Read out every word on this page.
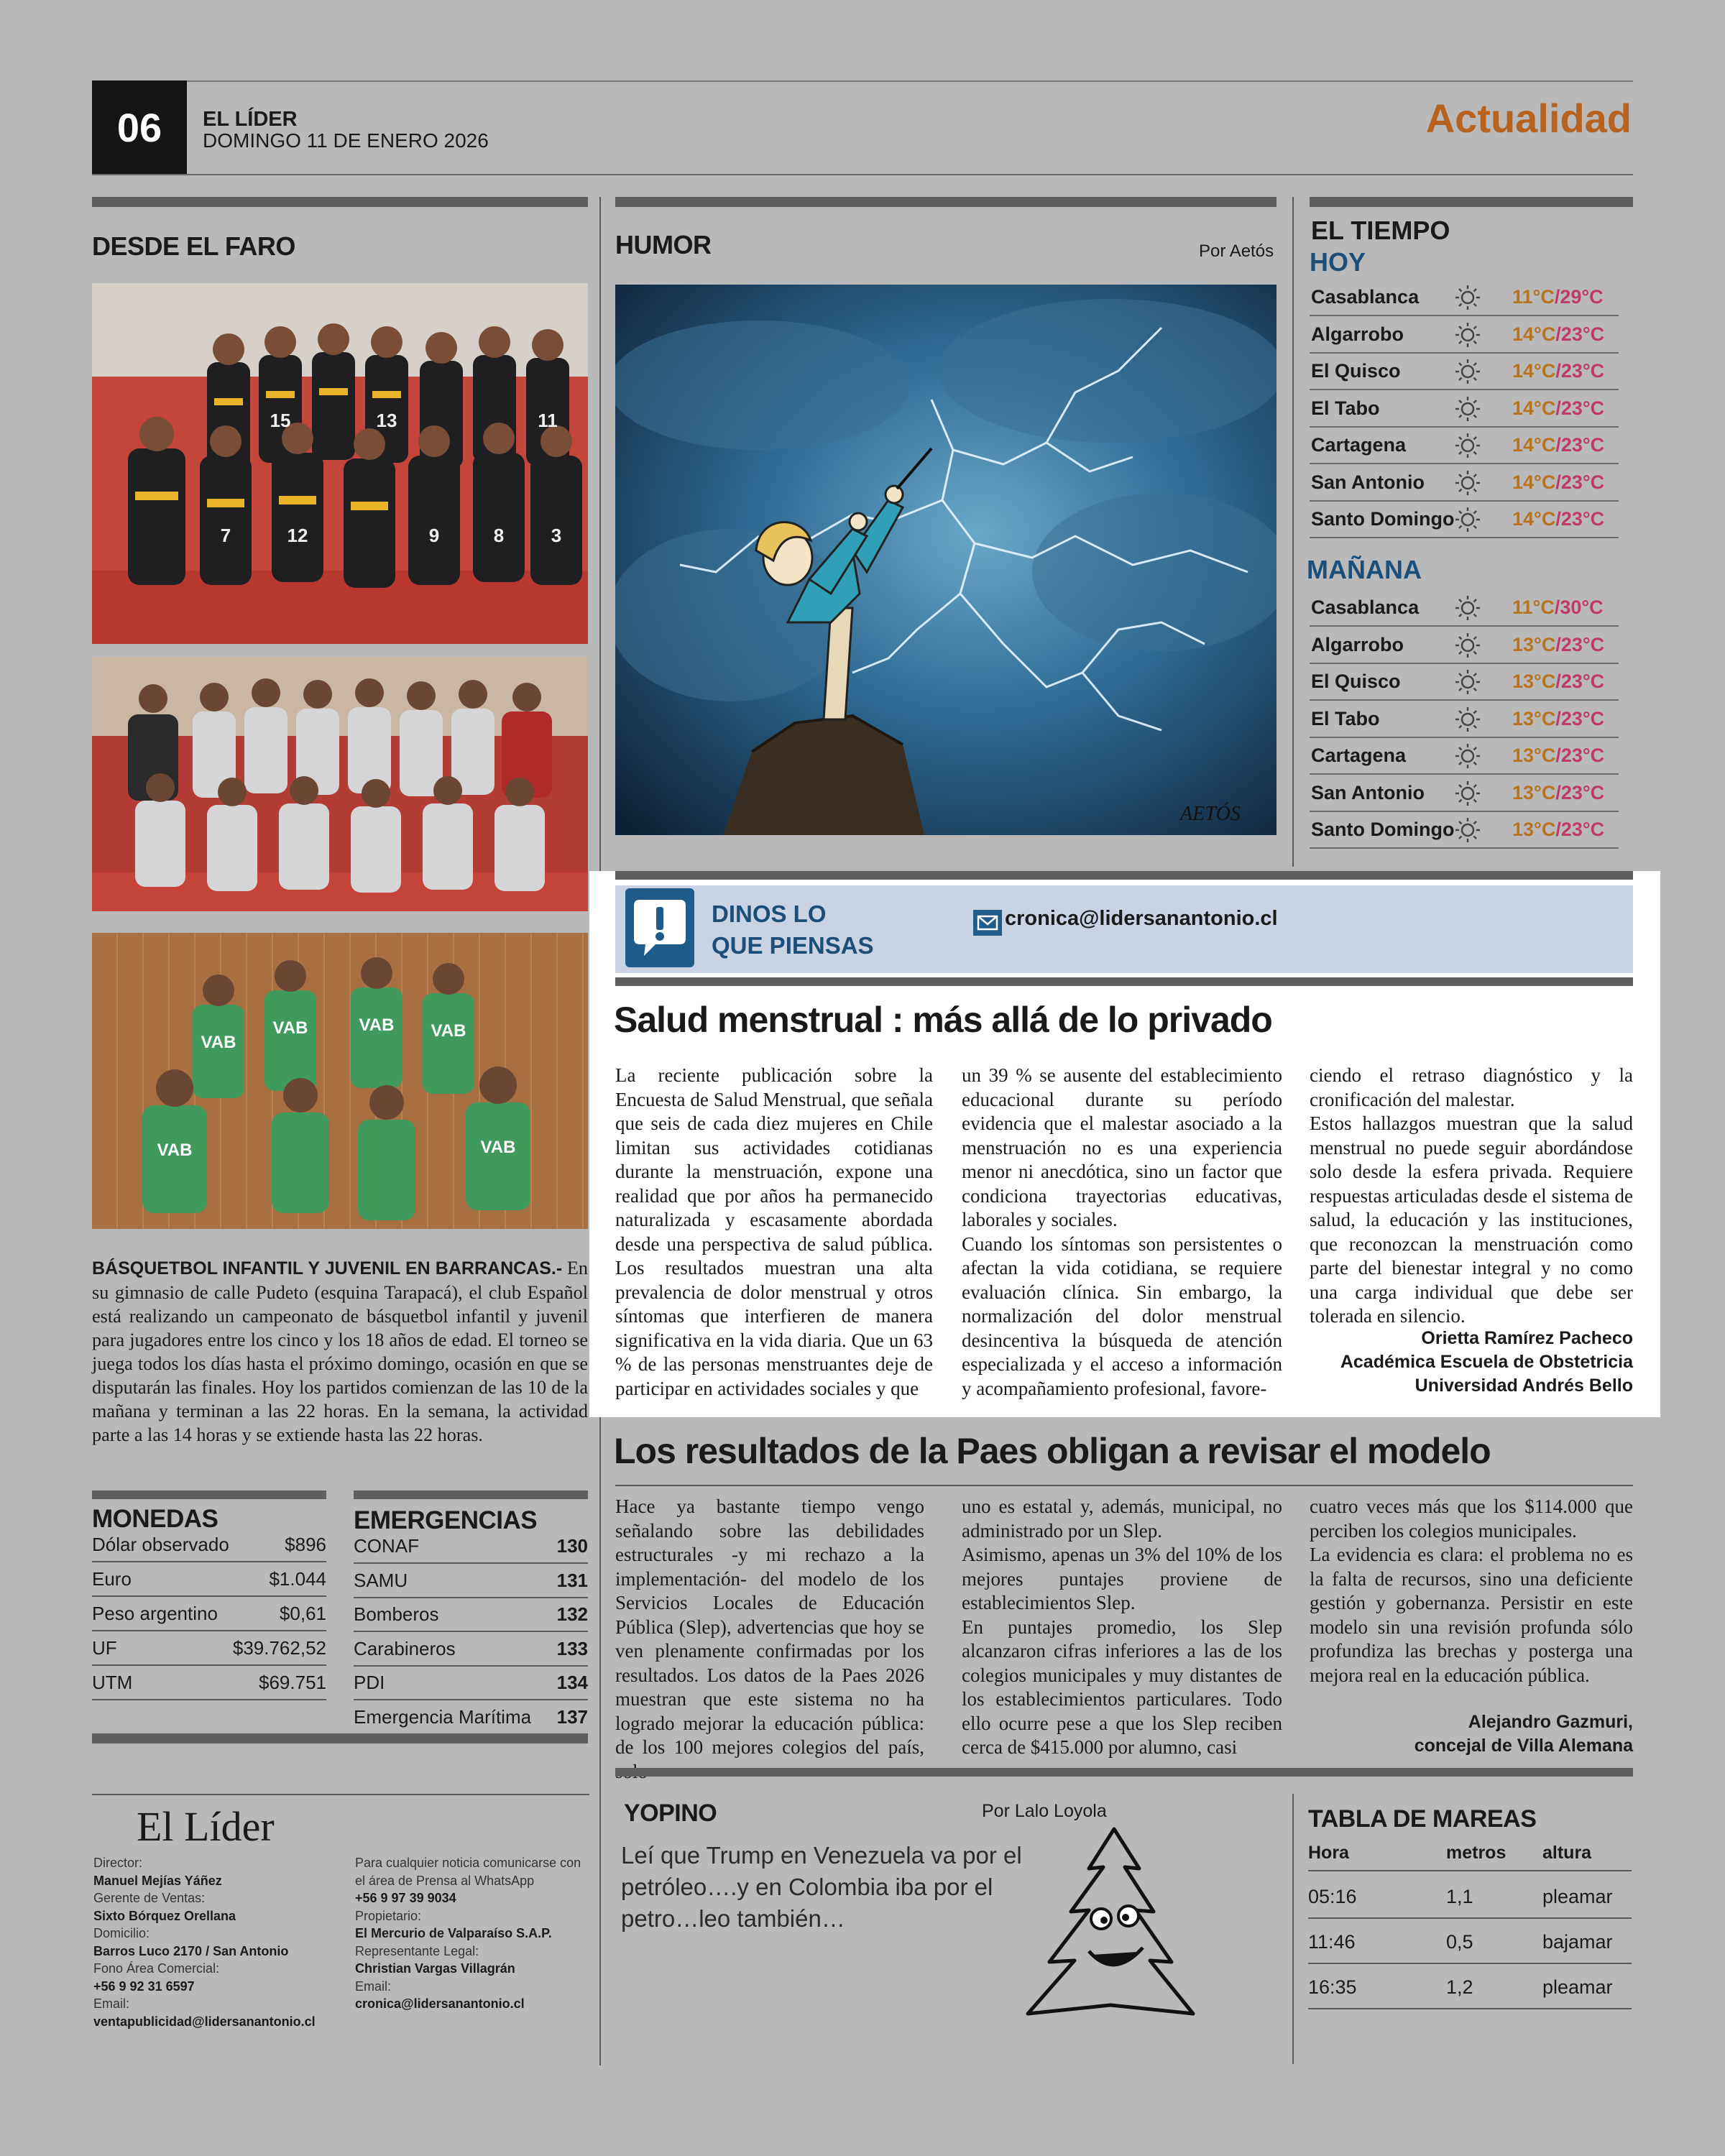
06	EL LÍDER
DOMINGO 11 DE ENERO 2026	Actualidad
DESDE EL FARO
7
15	13	11
12	9	8	3
VAB
VAB	VAB VAB
VAB	VAB
BÁSQUETBOL INFANTIL Y JUVENIL EN BARRANCAS.- En su gimnasio de calle Pudeto (esquina Tarapacá), el club Español está realizando un campeonato de básquetbol infantil y juvenil para jugadores entre los cinco y los 18 años de edad. El torneo se juega todos los días hasta el próximo domingo, ocasión en que se disputarán las finales. Hoy los partidos comienzan de las 10 de la mañana y terminan a las 22 horas. En la semana, la actividad parte a las 14 horas y se extiende hasta las 22 horas.
MONEDAS
Dólar observado	$896
Euro	$1.044
Peso argentino	$0,61
UF	$39.762,52
UTM	$69.751
EMERGENCIAS
CONAF	130
SAMU	131
Bomberos	132
Carabineros	133
PDI	134
Emergencia Marítima 137
El Líder
Director:
Manuel Mejías Yáñez
Gerente de Ventas:
Sixto Bórquez Orellana
Domicilio:
Barros Luco 2170 / San Antonio
Fono Área Comercial:
+56 9 92 31 6597
Email:
ventapublicidad@lidersanantonio.cl
Para cualquier noticia comunicarse con el área de Prensa al WhatsApp
+56 9 97 39 9034
Propietario:
El Mercurio de Valparaíso S.A.P.
Representante Legal:
Christian Vargas Villagrán
Email:
cronica@lidersanantonio.cl
HUMOR	Por Aetós
AETÓS
EL TIEMPO
HOY
Casablanca	11°C/29°C
Algarrobo	14°C/23°C
El Quisco	14°C/23°C
El Tabo	14°C/23°C
Cartagena	14°C/23°C
San Antonio	14°C/23°C
Santo Domingo	14°C/23°C
MAÑANA
Casablanca	11°C/30°C
Algarrobo	13°C/23°C
El Quisco	13°C/23°C
El Tabo	13°C/23°C
Cartagena	13°C/23°C
San Antonio	13°C/23°C
Santo Domingo	13°C/23°C
DINOS LO
QUE PIENSAS
cronica@lidersanantonio.cl
Salud menstrual : más allá de lo privado

La reciente publicación sobre la Encuesta de Salud Menstrual, que señala que seis de cada diez mujeres en Chile limitan sus actividades cotidianas durante la menstruación, expone una realidad que por años ha permanecido naturalizada y escasamente abordada desde una perspectiva de salud pública. Los resultados muestran una alta prevalencia de dolor menstrual y otros síntomas que interfieren de manera significativa en la vida diaria. Que un 63 % de las personas menstruantes deje de participar en actividades sociales y que

un 39 % se ausente del establecimiento educacional durante su período evidencia que el malestar asociado a la menstruación no es una experiencia menor ni anecdótica, sino un factor que condiciona trayectorias educativas, laborales y sociales.

Cuando los síntomas son persistentes o afectan la vida cotidiana, se requiere evaluación clínica. Sin embargo, la normalización del dolor menstrual desincentiva la búsqueda de atención especializada y el acceso a información y acompañamiento profesional, favore-

ciendo el retraso diagnóstico y la cronificación del malestar.

Estos hallazgos muestran que la salud menstrual no puede seguir abordándose solo desde la esfera privada. Requiere respuestas articuladas desde el sistema de salud, la educación y las instituciones, que reconozcan la menstruación como parte del bienestar integral y no como una carga individual que debe ser tolerada en silencio.

Orietta Ramírez Pacheco
Académica Escuela de Obstetricia
Universidad Andrés Bello
Los resultados de la Paes obligan a revisar el modelo

Hace ya bastante tiempo vengo señalando sobre las debilidades estructurales -y mi rechazo a la implementación- del modelo de los Servicios Locales de Educación Pública (Slep), advertencias que hoy se ven plenamente confirmadas por los resultados. Los datos de la Paes 2026 muestran que este sistema no ha logrado mejorar la educación pública: de los 100 mejores colegios del país,

uno es estatal y, además, municipal, no administrado por un Slep.

Asimismo, apenas un 3% del 10% de los mejores puntajes proviene de establecimientos Slep.

En puntajes promedio, los Slep alcanzaron cifras inferiores a las de los colegios municipales y muy distantes de los establecimientos particulares. Todo ello ocurre pese a que los Slep reciben cerca de $415.000 por alumno, casi

cuatro veces más que los $114.000 que perciben los colegios municipales.

La evidencia es clara: el problema no es la falta de recursos, sino una deficiente gestión y gobernanza. Persistir en este modelo sin una revisión profunda sólo profundiza las brechas y posterga una mejora real en la educación pública.

Alejandro Gazmuri,
concejal de Villa Alemana
YOPINO	Por Lalo Loyola
Leí que Trump en Venezuela va por el petróleo….y en Colombia iba por el petro…leo también…
TABLA DE MAREAS
Hora	metros altura
05:16	1,1	pleamar
11:46	0,5	bajamar
16:35	1,2	pleamar
